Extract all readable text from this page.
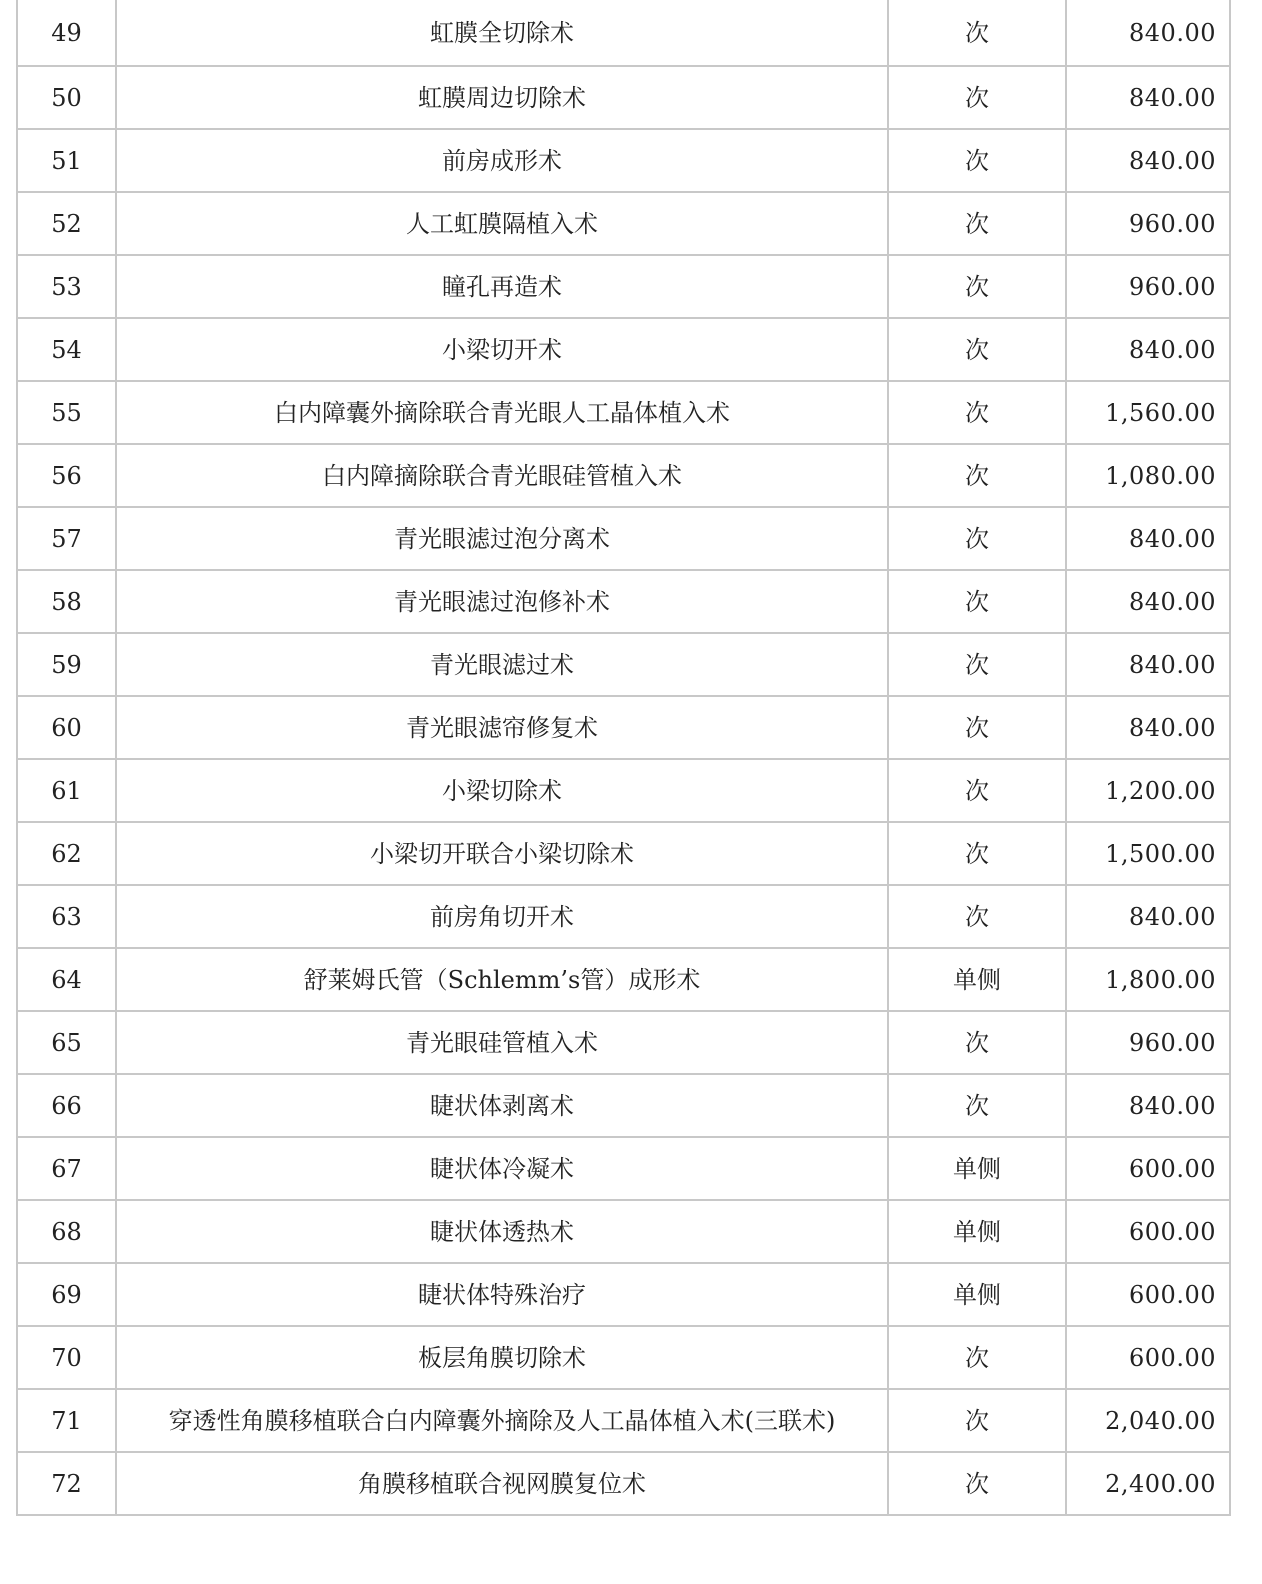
49	虹膜全切除术	次	840.00
50	虹膜周边切除术	次	840.00
51	前房成形术	次	840.00
52	人工虹膜隔植入术	次	960.00
53	瞳孔再造术	次	960.00
54	小梁切开术	次	840.00
55	白内障囊外摘除联合青光眼人工晶体植入术	次	1,560.00
56	白内障摘除联合青光眼硅管植入术	次	1,080.00
57	青光眼滤过泡分离术	次	840.00
58	青光眼滤过泡修补术	次	840.00
59	青光眼滤过术	次	840.00
60	青光眼滤帘修复术	次	840.00
61	小梁切除术	次	1,200.00
62	小梁切开联合小梁切除术	次	1,500.00
63	前房角切开术	次	840.00
64	舒莱姆氏管（Schlemm’s管）成形术	单侧	1,800.00
65	青光眼硅管植入术	次	960.00
66	睫状体剥离术	次	840.00
67	睫状体冷凝术	单侧	600.00
68	睫状体透热术	单侧	600.00
69	睫状体特殊治疗	单侧	600.00
70	板层角膜切除术	次	600.00
71	穿透性角膜移植联合白内障囊外摘除及人工晶体植入术(三联术)	次	2,040.00
72	角膜移植联合视网膜复位术	次	2,400.00
